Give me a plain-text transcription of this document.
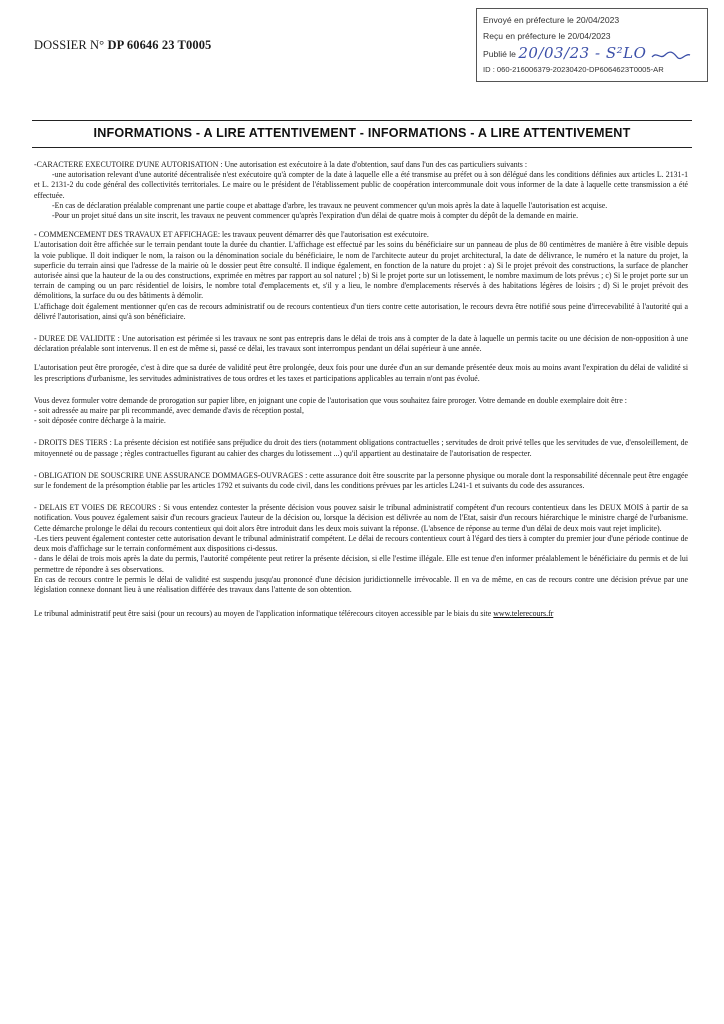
DOSSIER N° DP 60646 23 T0005
Envoyé en préfecture le 20/04/2023
Reçu en préfecture le 20/04/2023
Publié le 20/03/23 - S²LO
ID : 060-216006379-20230420-DP6064623T0005-AR
INFORMATIONS - A LIRE ATTENTIVEMENT - INFORMATIONS - A LIRE ATTENTIVEMENT

-CARACTERE EXECUTOIRE D'UNE AUTORISATION : Une autorisation est exécutoire à la date d'obtention, sauf dans l'un des cas particuliers suivants :

-une autorisation relevant d'une autorité décentralisée n'est exécutoire qu'à compter de la date à laquelle elle a été transmise au préfet ou à son délégué dans les conditions définies aux articles L. 2131-1 et L. 2131-2 du code général des collectivités territoriales. Le maire ou le président de l'établissement public de coopération intercommunale doit vous informer de la date à laquelle cette transmission a été effectuée.

-En cas de déclaration préalable comprenant une partie coupe et abattage d'arbre, les travaux ne peuvent commencer qu'un mois après la date à laquelle l'autorisation est acquise.

-Pour un projet situé dans un site inscrit, les travaux ne peuvent commencer qu'après l'expiration d'un délai de quatre mois à compter du dépôt de la demande en mairie.

- COMMENCEMENT DES TRAVAUX ET AFFICHAGE: les travaux peuvent démarrer dès que l'autorisation est exécutoire.

L'autorisation doit être affichée sur le terrain pendant toute la durée du chantier. L'affichage est effectué par les soins du bénéficiaire sur un panneau de plus de 80 centimètres de manière à être visible depuis la voie publique. Il doit indiquer le nom, la raison ou la dénomination sociale du bénéficiaire, le nom de l'architecte auteur du projet architectural, la date de délivrance, le numéro et la nature du projet, la superficie du terrain ainsi que l'adresse de la mairie où le dossier peut être consulté. Il indique également, en fonction de la nature du projet : a) Si le projet prévoit des constructions, la surface de plancher autorisée ainsi que la hauteur de la ou des constructions, exprimée en mètres par rapport au sol naturel ; b) Si le projet porte sur un lotissement, le nombre maximum de lots prévus ; c) Si le projet porte sur un terrain de camping ou un parc résidentiel de loisirs, le nombre total d'emplacements et, s'il y a lieu, le nombre d'emplacements réservés à des habitations légères de loisirs ; d) Si le projet prévoit des démolitions, la surface du ou des bâtiments à démolir.

L'affichage doit également mentionner qu'en cas de recours administratif ou de recours contentieux d'un tiers contre cette autorisation, le recours devra être notifié sous peine d'irrecevabilité à l'autorité qui a délivré l'autorisation, ainsi qu'à son bénéficiaire.

- DUREE DE VALIDITE : Une autorisation est périmée si les travaux ne sont pas entrepris dans le délai de trois ans à compter de la date à laquelle un permis tacite ou une décision de non-opposition à une déclaration préalable sont intervenus. Il en est de même si, passé ce délai, les travaux sont interrompus pendant un délai supérieur à une année.

L'autorisation peut être prorogée, c'est à dire que sa durée de validité peut être prolongée, deux fois pour une durée d'un an sur demande présentée deux mois au moins avant l'expiration du délai de validité si les prescriptions d'urbanisme, les servitudes administratives de tous ordres et les taxes et participations applicables au terrain n'ont pas évolué.

Vous devez formuler votre demande de prorogation sur papier libre, en joignant une copie de l'autorisation que vous souhaitez faire proroger. Votre demande en double exemplaire doit être :

- soit adressée au maire par pli recommandé, avec demande d'avis de réception postal,

- soit déposée contre décharge à la mairie.

- DROITS DES TIERS : La présente décision est notifiée sans préjudice du droit des tiers (notamment obligations contractuelles ; servitudes de droit privé telles que les servitudes de vue, d'ensoleillement, de mitoyenneté ou de passage ; règles contractuelles figurant au cahier des charges du lotissement ...) qu'il appartient au destinataire de l'autorisation de respecter.

- OBLIGATION DE SOUSCRIRE UNE ASSURANCE DOMMAGES-OUVRAGES : cette assurance doit être souscrite par la personne physique ou morale dont la responsabilité décennale peut être engagée sur le fondement de la présomption établie par les articles 1792 et suivants du code civil, dans les conditions prévues par les articles L241-1 et suivants du code des assurances.

- DELAIS ET VOIES DE RECOURS : Si vous entendez contester la présente décision vous pouvez saisir le tribunal administratif compétent d'un recours contentieux dans les DEUX MOIS à partir de sa notification. Vous pouvez également saisir d'un recours gracieux l'auteur de la décision ou, lorsque la décision est délivrée au nom de l'Etat, saisir d'un recours hiérarchique le ministre chargé de l'urbanisme. Cette démarche prolonge le délai du recours contentieux qui doit alors être introduit dans les deux mois suivant la réponse. (L'absence de réponse au terme d'un délai de deux mois vaut rejet implicite).

-Les tiers peuvent également contester cette autorisation devant le tribunal administratif compétent. Le délai de recours contentieux court à l'égard des tiers à compter du premier jour d'une période continue de deux mois d'affichage sur le terrain conformément aux dispositions ci-dessus.

- dans le délai de trois mois après la date du permis, l'autorité compétente peut retirer la présente décision, si elle l'estime illégale. Elle est tenue d'en informer préalablement le bénéficiaire du permis et de lui permettre de répondre à ses observations.

En cas de recours contre le permis le délai de validité est suspendu jusqu'au prononcé d'une décision juridictionnelle irrévocable. Il en va de même, en cas de recours contre une décision prévue par une législation connexe donnant lieu à une réalisation différée des travaux dans l'attente de son obtention.

Le tribunal administratif peut être saisi (pour un recours) au moyen de l'application informatique télérecours citoyen accessible par le biais du site www.telerecours.fr
